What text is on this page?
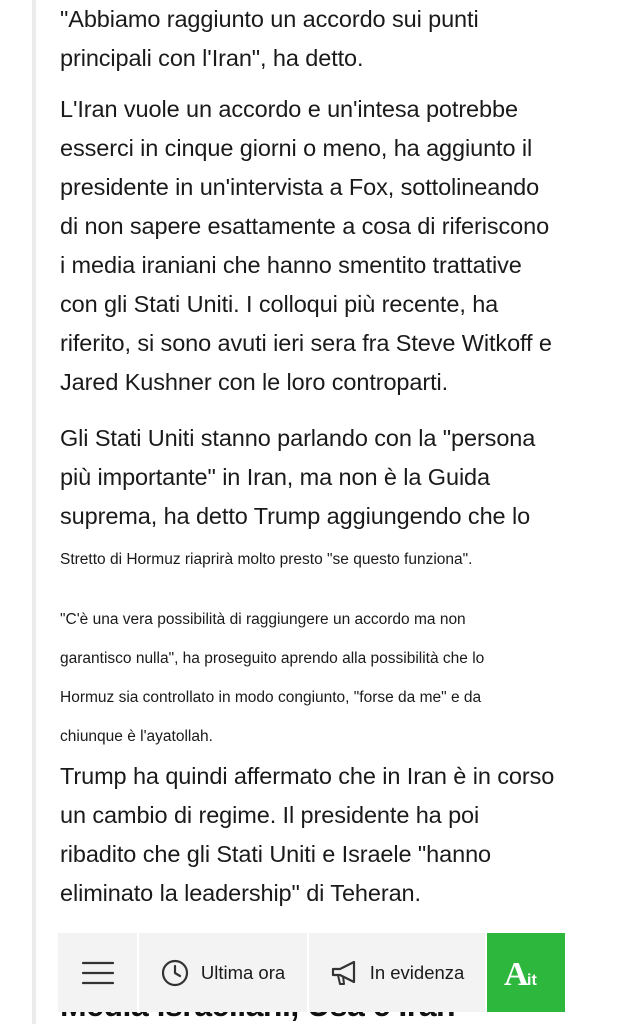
"Abbiamo raggiunto un accordo sui punti
principali con l'Iran", ha detto.

L'Iran vuole un accordo e un'intesa potrebbe
esserci in cinque giorni o meno, ha aggiunto il
presidente in un'intervista a Fox, sottolineando
di non sapere esattamente a cosa di riferiscono
i media iraniani che hanno smentito trattative
con gli Stati Uniti. I colloqui più recente, ha
riferito, si sono avuti ieri sera fra Steve Witkoff e
Jared Kushner con le loro controparti.

Gli Stati Uniti stanno parlando con la "persona
più importante" in Iran, ma non è la Guida
suprema, ha detto Trump aggiungendo che lo

Stretto di Hormuz riaprirà molto presto "se questo funziona".

"C'è una vera possibilità di raggiungere un accordo ma non
garantisco nulla", ha proseguito aprendo alla possibilità che lo
Hormuz sia controllato in modo congiunto, "forse da me" e da
chiunque è l'ayatollah.

Trump ha quindi affermato che in Iran è in corso
un cambio di regime. Il presidente ha poi
ribadito che gli Stati Uniti e Israele "hanno
eliminato la leadership" di Teheran.

Ultima ora	In evidenza A
it
